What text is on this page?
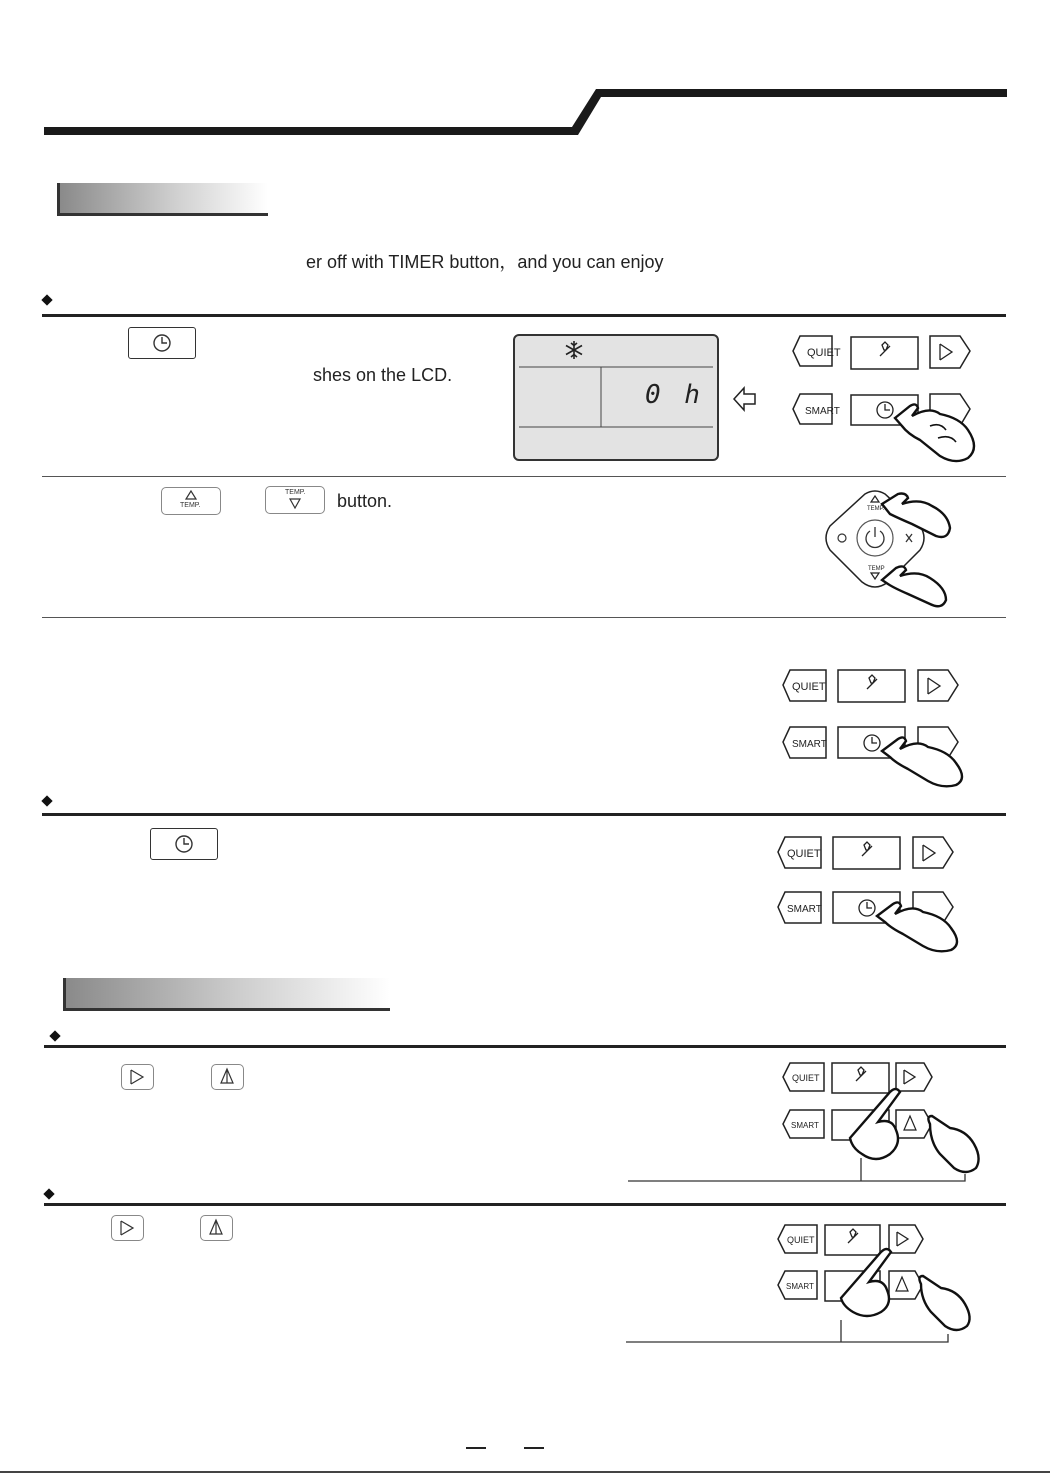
er off with TIMER button，and you can enjoy
shes on the LCD.
0 h
QUIET
SMART
TEMP.
TEMP. button.	TEMP.
TEMP
QUIET
SMART
QUIET
SMART
QUIET
SMART
QUIET
SMART
